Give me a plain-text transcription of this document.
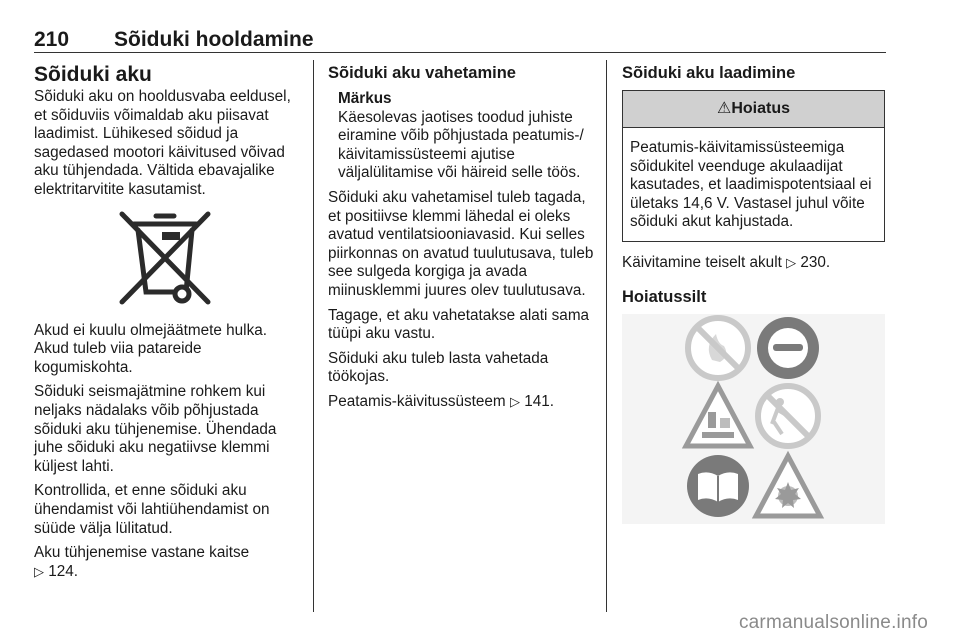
210 Sõiduki hooldamine
Sõiduki aku

Sõiduki aku on hooldusvaba eeldusel, et sõiduviis võimaldab aku piisavat laadimist. Lühikesed sõidud ja sagedased mootori käivitused võivad aku tühjendada. Vältida ebavajalike elektritarvitite kasutamist.

Akud ei kuulu olmejäätmete hulka. Akud tuleb viia patareide kogumiskohta.

Sõiduki seismajätmine rohkem kui neljaks nädalaks võib põhjustada sõiduki aku tühjenemise. Ühendada juhe sõiduki aku negatiivse klemmi küljest lahti.

Kontrollida, et enne sõiduki aku ühendamist või lahtiühendamist on süüde välja lülitatud.

Aku tühjenemise vastane kaitse
▷ 124.

Sõiduki aku vahetamine
Märkus
Käesolevas jaotises toodud juhiste eiramine võib põhjustada peatumis-/ käivitamissüsteemi ajutise väljalülitamise või häireid selle töös.

Sõiduki aku vahetamisel tuleb tagada, et positiivse klemmi lähedal ei oleks avatud ventilatsiooniavasid. Kui selles piirkonnas on avatud tuulutusava, tuleb see sulgeda korgiga ja avada miinusklemmi juures olev tuulutusava.

Tagage, et aku vahetatakse alati sama tüüpi aku vastu.

Sõiduki aku tuleb lasta vahetada töökojas.

Peatamis-käivitussüsteem ▷ 141.

Sõiduki aku laadimine
⚠Hoiatus
Peatumis-käivitamissüsteemiga sõidukitel veenduge akulaadijat kasutades, et laadimispotentsiaal ei ületaks 14,6 V. Vastasel juhul võite sõiduki akut kahjustada.

Käivitamine teiselt akult ▷ 230.

Hoiatussilt
carmanualsonline.info
